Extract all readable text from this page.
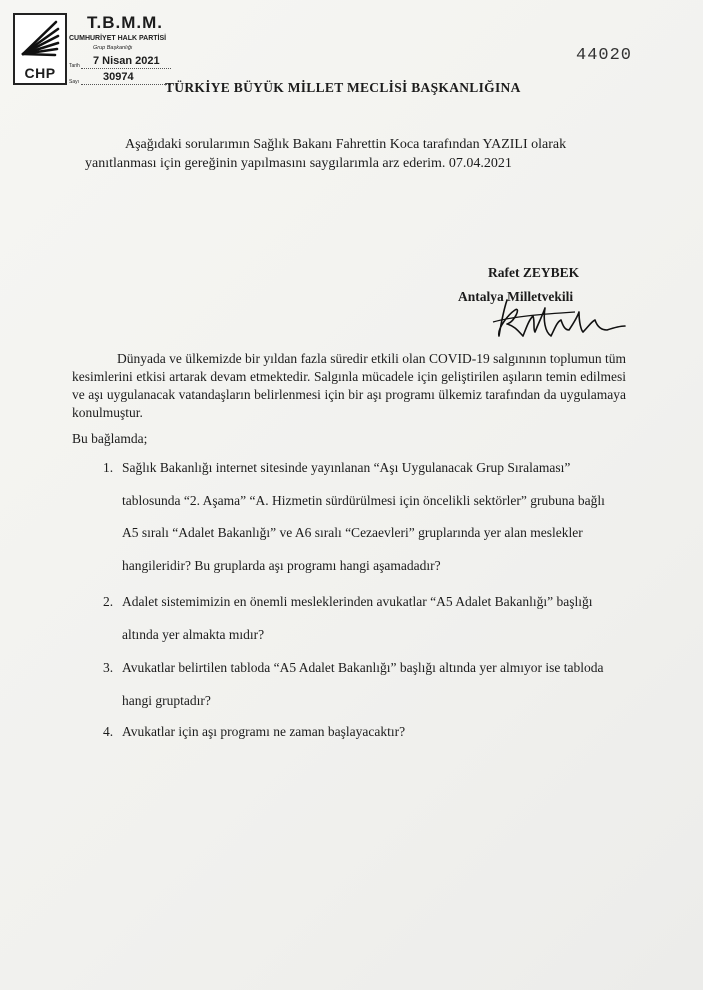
CHP
T.B.M.M.
CUMHURİYET HALK PARTİSİ
Grup Başkanlığı
Tarih 7 Nisan 2021
Sayı 30974
44020
TÜRKİYE BÜYÜK MİLLET MECLİSİ BAŞKANLIĞINA
Aşağıdaki sorularımın Sağlık Bakanı Fahrettin Koca tarafından YAZILI olarak
yanıtlanması için gereğinin yapılmasını saygılarımla arz ederim. 07.04.2021
Rafet ZEYBEK
Antalya Milletvekili
Dünyada ve ülkemizde bir yıldan fazla süredir etkili olan COVID-19 salgınının toplumun tüm kesimlerini etkisi artarak devam etmektedir. Salgınla mücadele için geliştirilen aşıların temin edilmesi ve aşı uygulanacak vatandaşların belirlenmesi için bir aşı programı ülkemiz tarafından da uygulamaya konulmuştur.
Bu bağlamda;
1. Sağlık Bakanlığı internet sitesinde yayınlanan “Aşı Uygulanacak Grup Sıralaması” tablosunda “2. Aşama” “A. Hizmetin sürdürülmesi için öncelikli sektörler” grubuna bağlı A5 sıralı “Adalet Bakanlığı” ve A6 sıralı “Cezaevleri” gruplarında yer alan meslekler hangileridir? Bu gruplarda aşı programı hangi aşamadadır?
2. Adalet sistemimizin en önemli mesleklerinden avukatlar “A5 Adalet Bakanlığı” başlığı altında yer almakta mıdır?
3. Avukatlar belirtilen tabloda “A5 Adalet Bakanlığı” başlığı altında yer almıyor ise tabloda hangi gruptadır?
4. Avukatlar için aşı programı ne zaman başlayacaktır?
